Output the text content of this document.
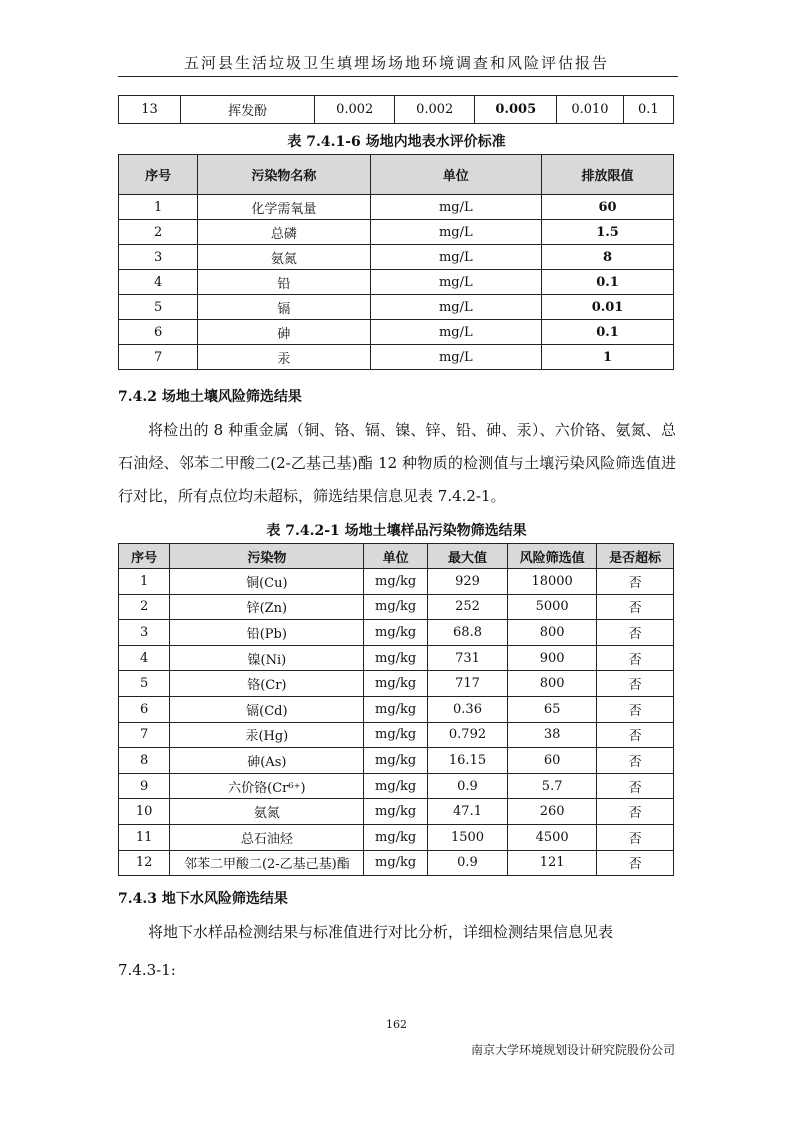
五河县生活垃圾卫生填埋场场地环境调查和风险评估报告
13	挥发酚	0.002	0.002	0.005	0.010	0.1
表 7.4.1-6 场地内地表水评价标准
序号	污染物名称	单位	排放限值
1	化学需氧量	mg/L	60
2	总磷	mg/L	1.5
3	氨氮	mg/L	8
4	铅	mg/L	0.1
5	镉	mg/L	0.01
6	砷	mg/L	0.1
7	汞	mg/L	1
7.4.2 场地土壤风险筛选结果

将检出的 8 种重金属（铜、铬、镉、镍、锌、铅、砷、汞）、六价铬、氨氮、总石油烃、邻苯二甲酸二(2-乙基己基)酯 12 种物质的检测值与土壤污染风险筛选值进行对比，所有点位均未超标，筛选结果信息见表 7.4.2-1。

表 7.4.2-1 场地土壤样品污染物筛选结果
序号	污染物	单位	最大值	风险筛选值	是否超标
1	铜(Cu)	mg/kg	929	18000	否
2	锌(Zn)	mg/kg	252	5000	否
3	铅(Pb)	mg/kg	68.8	800	否
4	镍(Ni)	mg/kg	731	900	否
5	铬(Cr)	mg/kg	717	800	否
6	镉(Cd)	mg/kg	0.36	65	否
7	汞(Hg)	mg/kg	0.792	38	否
8	砷(As)	mg/kg	16.15	60	否
9	六价铬(Cr⁶⁺)	mg/kg	0.9	5.7	否
10	氨氮	mg/kg	47.1	260	否
11	总石油烃	mg/kg	1500	4500	否
12	邻苯二甲酸二(2-乙基己基)酯	mg/kg	0.9	121	否
7.4.3 地下水风险筛选结果

将地下水样品检测结果与标准值进行对比分析，详细检测结果信息见表

7.4.3-1:

162
南京大学环境规划设计研究院股份公司
